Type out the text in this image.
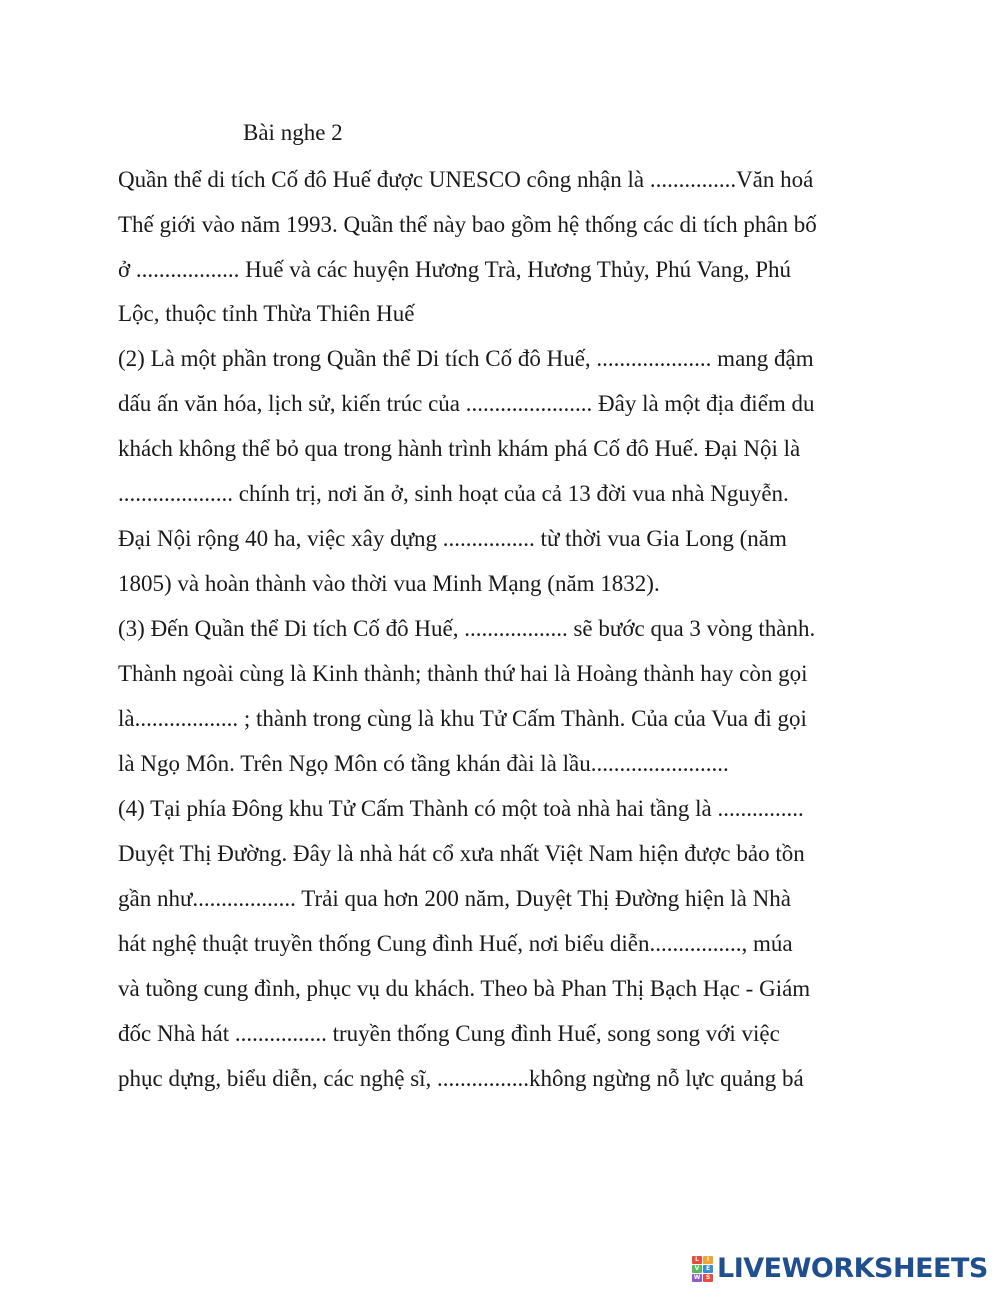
Bài nghe 2
Quần thể di tích Cố đô Huế được UNESCO công nhận là ...............Văn hoá
Thế giới vào năm 1993. Quần thể này bao gồm hệ thống các di tích phân bố
ở .................. Huế và các huyện Hương Trà, Hương Thủy, Phú Vang, Phú
Lộc, thuộc tỉnh Thừa Thiên Huế
(2) Là một phần trong Quần thể Di tích Cố đô Huế, .................... mang đậm
dấu ấn văn hóa, lịch sử, kiến trúc của ...................... Đây là một địa điểm du
khách không thể bỏ qua trong hành trình khám phá Cố đô Huế. Đại Nội là
.................... chính trị, nơi ăn ở, sinh hoạt của cả 13 đời vua nhà Nguyễn.
Đại Nội rộng 40 ha, việc xây dựng ................ từ thời vua Gia Long (năm
1805) và hoàn thành vào thời vua Minh Mạng (năm 1832).
(3) Đến Quần thể Di tích Cố đô Huế, .................. sẽ bước qua 3 vòng thành.
Thành ngoài cùng là Kinh thành; thành thứ hai là Hoàng thành hay còn gọi
là.................. ; thành trong cùng là khu Tử Cấm Thành. Của của Vua đi gọi
là Ngọ Môn. Trên Ngọ Môn có tầng khán đài là lầu........................
(4) Tại phía Đông khu Tử Cấm Thành có một toà nhà hai tầng là ...............
Duyệt Thị Đường. Đây là nhà hát cổ xưa nhất Việt Nam hiện được bảo tồn
gần như.................. Trải qua hơn 200 năm, Duyệt Thị Đường hiện là Nhà
hát nghệ thuật truyền thống Cung đình Huế, nơi biểu diễn................, múa
và tuồng cung đình, phục vụ du khách. Theo bà Phan Thị Bạch Hạc - Giám
đốc Nhà hát ................ truyền thống Cung đình Huế, song song với việc
phục dựng, biểu diễn, các nghệ sĩ, ................không ngừng nỗ lực quảng bá
L	I
V	E
W S LIVEWORKSHEETS
